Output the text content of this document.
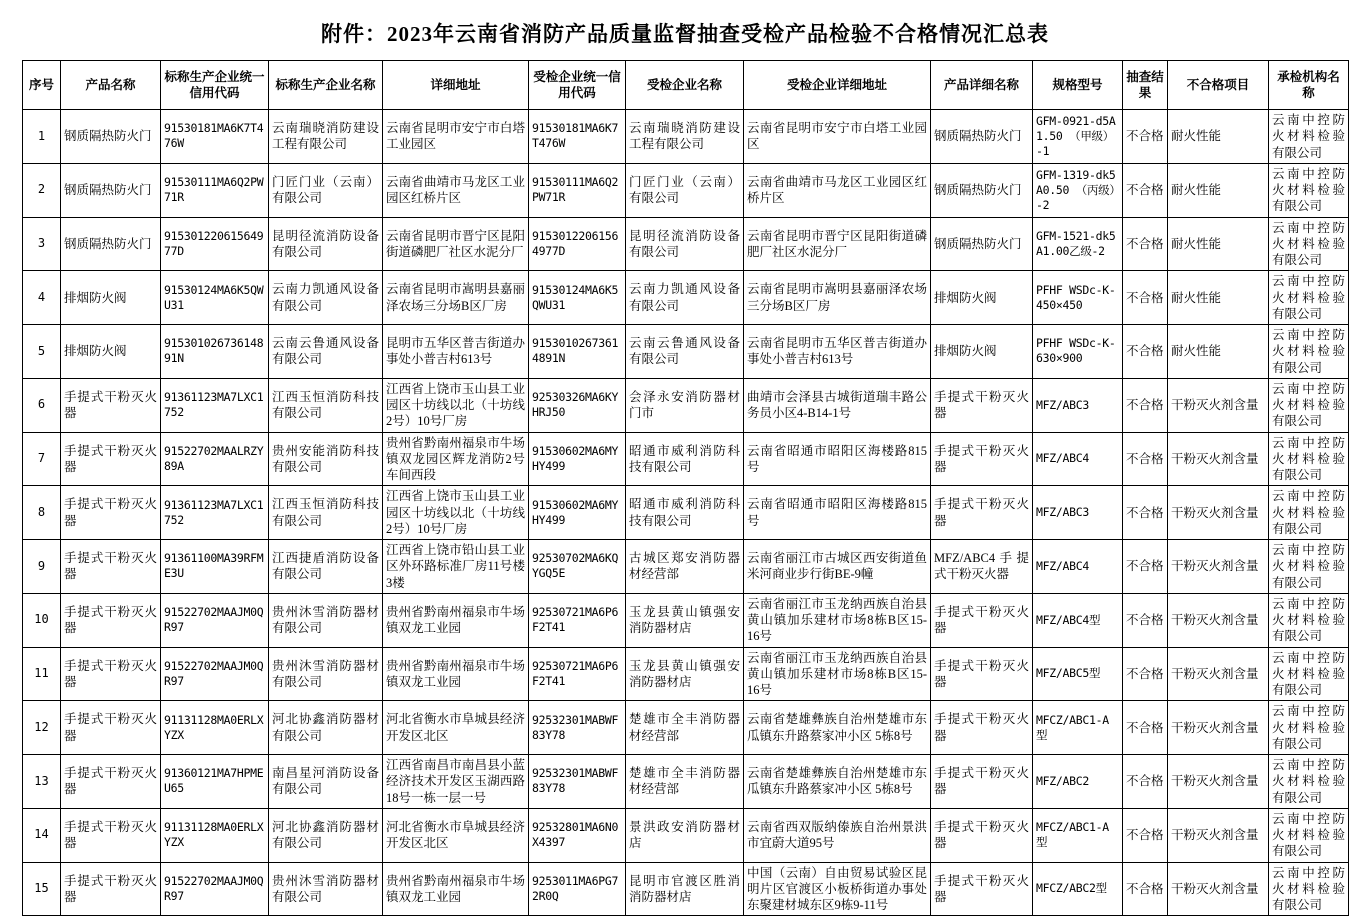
附件：2023年云南省消防产品质量监督抽查受检产品检验不合格情况汇总表
序号	产品名称	标称生产企业统一信用代码	标称生产企业名称	详细地址	受检企业统一信用代码	受检企业名称	受检企业详细地址	产品详细名称	规格型号	抽查结果	不合格项目	承检机构名称
1	钢质隔热防火门	91530181MA6K7T476W	云南瑞晓消防建设工程有限公司	云南省昆明市安宁市白塔工业园区	91530181MA6K7T476W	云南瑞晓消防建设工程有限公司	云南省昆明市安宁市白塔工业园区	钢质隔热防火门	GFM-0921-d5A1.50 （甲级）-1	不合格	耐火性能	云南中控防火材料检验有限公司
2	钢质隔热防火门	91530111MA6Q2PW71R	门匠门业（云南）有限公司	云南省曲靖市马龙区工业园区红桥片区	91530111MA6Q2PW71R	门匠门业（云南）有限公司	云南省曲靖市马龙区工业园区红桥片区	钢质隔热防火门	GFM-1319-dk5A0.50 （丙级）-2	不合格	耐火性能	云南中控防火材料检验有限公司
3	钢质隔热防火门	91530122061564977D	昆明径流消防设备有限公司	云南省昆明市晋宁区昆阳街道磷肥厂社区水泥分厂	91530122061564977D	昆明径流消防设备有限公司	云南省昆明市晋宁区昆阳街道磷肥厂社区水泥分厂	钢质隔热防火门	GFM-1521-dk5A1.00乙级-2	不合格	耐火性能	云南中控防火材料检验有限公司
4	排烟防火阀	91530124MA6K5QWU31	云南力凯通风设备有限公司	云南省昆明市嵩明县嘉丽泽农场三分场B区厂房	91530124MA6K5QWU31	云南力凯通风设备有限公司	云南省昆明市嵩明县嘉丽泽农场三分场B区厂房	排烟防火阀	PFHF WSDc-K-450×450	不合格	耐火性能	云南中控防火材料检验有限公司
5	排烟防火阀	91530102673614891N	云南云鲁通风设备有限公司	昆明市五华区普吉街道办事处小普吉村613号	91530102673614891N	云南云鲁通风设备有限公司	云南省昆明市五华区普吉街道办事处小普吉村613号	排烟防火阀	PFHF WSDc-K-630×900	不合格	耐火性能	云南中控防火材料检验有限公司
6	手提式干粉灭火器	91361123MA7LXC1752	江西玉恒消防科技有限公司	江西省上饶市玉山县工业园区十坊线以北（十坊线2号）10号厂房	92530326MA6KYHRJ50	会泽永安消防器材门市	曲靖市会泽县古城街道瑞丰路公务员小区4-B14-1号	手提式干粉灭火器	MFZ/ABC3	不合格	干粉灭火剂含量	云南中控防火材料检验有限公司
7	手提式干粉灭火器	91522702MAALRZY89A	贵州安能消防科技有限公司	贵州省黔南州福泉市牛场镇双龙园区辉龙消防2号车间西段	91530602MA6MYHY499	昭通市威利消防科技有限公司	云南省昭通市昭阳区海楼路815号	手提式干粉灭火器	MFZ/ABC4	不合格	干粉灭火剂含量	云南中控防火材料检验有限公司
8	手提式干粉灭火器	91361123MA7LXC1752	江西玉恒消防科技有限公司	江西省上饶市玉山县工业园区十坊线以北（十坊线2号）10号厂房	91530602MA6MYHY499	昭通市威利消防科技有限公司	云南省昭通市昭阳区海楼路815号	手提式干粉灭火器	MFZ/ABC3	不合格	干粉灭火剂含量	云南中控防火材料检验有限公司
9	手提式干粉灭火器	91361100MA39RFME3U	江西捷盾消防设备有限公司	江西省上饶市铅山县工业区外环路标准厂房11号楼3楼	92530702MA6KQYGQ5E	古城区郑安消防器材经营部	云南省丽江市古城区西安街道鱼米河商业步行街BE-9幢	MFZ/ABC4手提式干粉灭火器	MFZ/ABC4	不合格	干粉灭火剂含量	云南中控防火材料检验有限公司
10	手提式干粉灭火器	91522702MAAJM0QR97	贵州沐雪消防器材有限公司	贵州省黔南州福泉市牛场镇双龙工业园	92530721MA6P6F2T41	玉龙县黄山镇强安消防器材店	云南省丽江市玉龙纳西族自治县黄山镇加乐建材市场8栋B区15-16号	手提式干粉灭火器	MFZ/ABC4型	不合格	干粉灭火剂含量	云南中控防火材料检验有限公司
11	手提式干粉灭火器	91522702MAAJM0QR97	贵州沐雪消防器材有限公司	贵州省黔南州福泉市牛场镇双龙工业园	92530721MA6P6F2T41	玉龙县黄山镇强安消防器材店	云南省丽江市玉龙纳西族自治县黄山镇加乐建材市场8栋B区15-16号	手提式干粉灭火器	MFZ/ABC5型	不合格	干粉灭火剂含量	云南中控防火材料检验有限公司
12	手提式干粉灭火器	91131128MA0ERLXYZX	河北协鑫消防器材有限公司	河北省衡水市阜城县经济开发区北区	92532301MABWF83Y78	楚雄市全丰消防器材经营部	云南省楚雄彝族自治州楚雄市东瓜镇东升路蔡家冲小区 5栋8号	手提式干粉灭火器	MFCZ/ABC1-A型	不合格	干粉灭火剂含量	云南中控防火材料检验有限公司
13	手提式干粉灭火器	91360121MA7HPMEU65	南昌星河消防设备有限公司	江西省南昌市南昌县小蓝经济技术开发区玉湖西路18号一栋一层一号	92532301MABWF83Y78	楚雄市全丰消防器材经营部	云南省楚雄彝族自治州楚雄市东瓜镇东升路蔡家冲小区 5栋8号	手提式干粉灭火器	MFZ/ABC2	不合格	干粉灭火剂含量	云南中控防火材料检验有限公司
14	手提式干粉灭火器	91131128MA0ERLXYZX	河北协鑫消防器材有限公司	河北省衡水市阜城县经济开发区北区	92532801MA6N0X4397	景洪政安消防器材店	云南省西双版纳傣族自治州景洪市宜蔚大道95号	手提式干粉灭火器	MFCZ/ABC1-A型	不合格	干粉灭火剂含量	云南中控防火材料检验有限公司
15	手提式干粉灭火器	91522702MAAJM0QR97	贵州沐雪消防器材有限公司	贵州省黔南州福泉市牛场镇双龙工业园	9253011MA6PG72R0Q	昆明市官渡区胜消消防器材店	中国（云南）自由贸易试验区昆明片区官渡区小板桥街道办事处东聚建材城东区9栋9-11号	手提式干粉灭火器	MFCZ/ABC2型	不合格	干粉灭火剂含量	云南中控防火材料检验有限公司
